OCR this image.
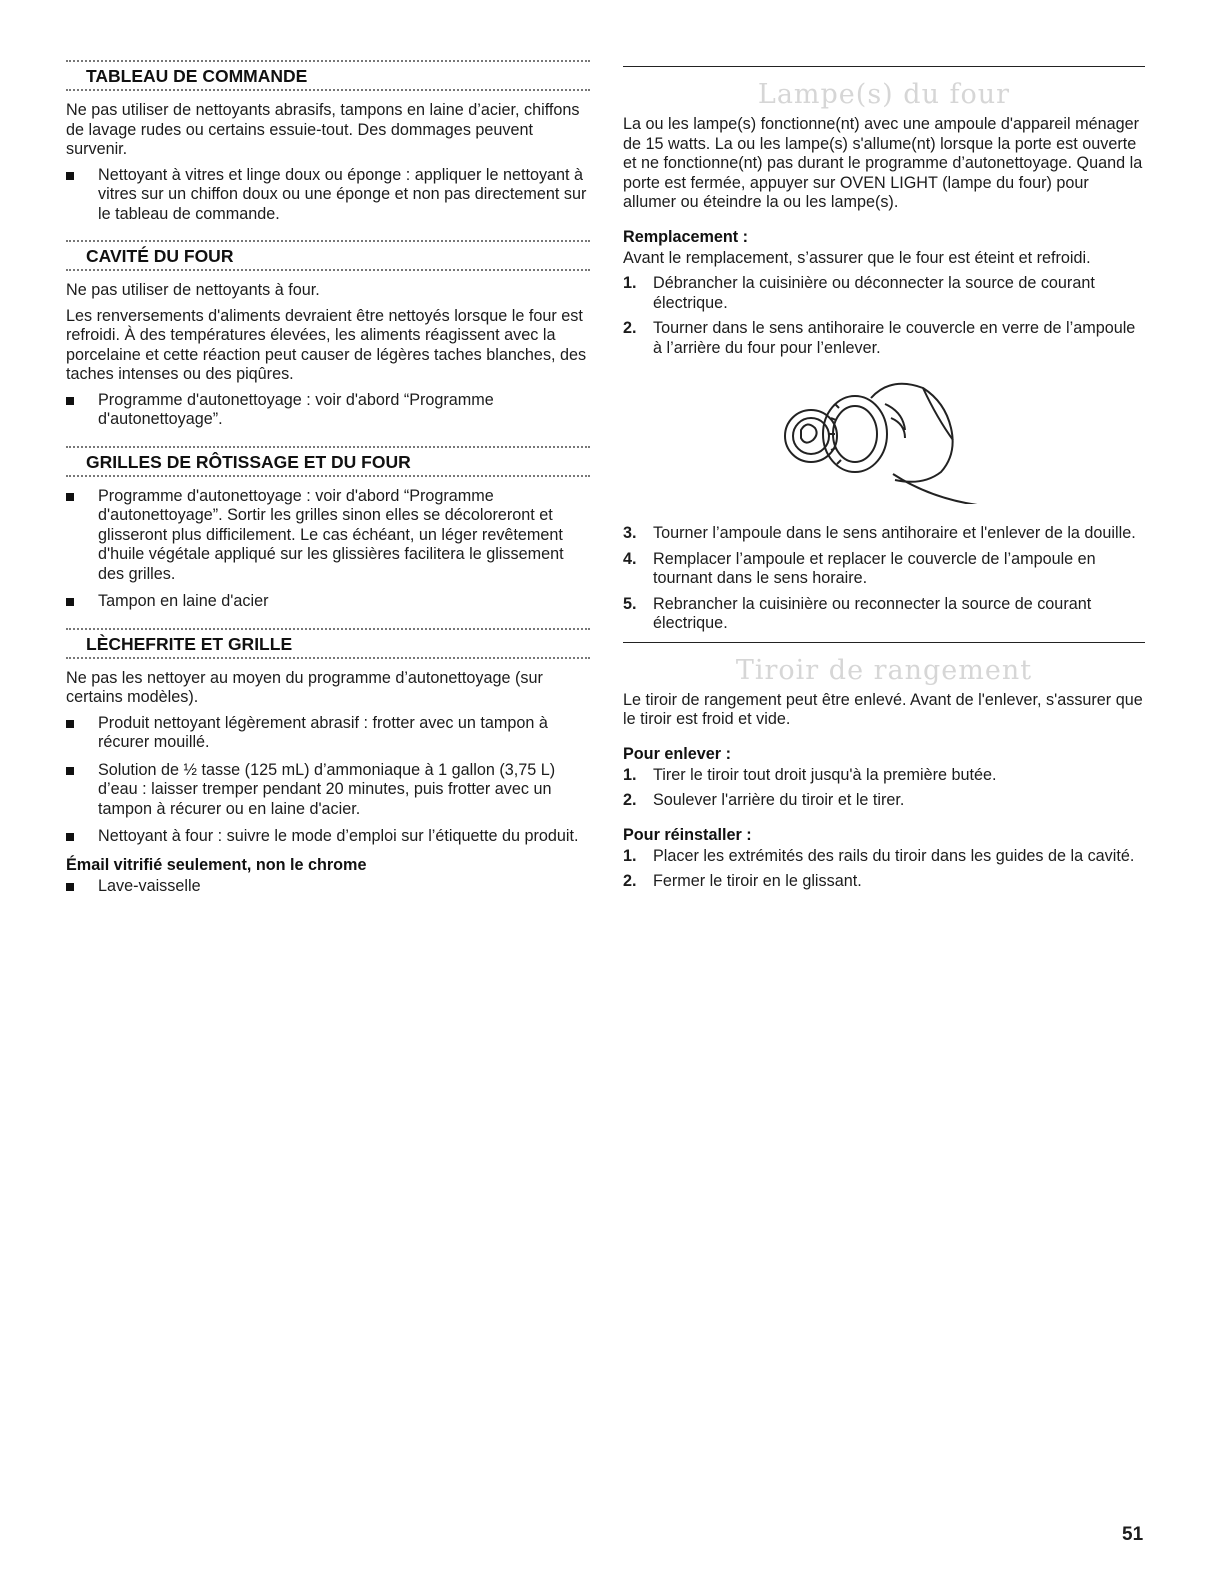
TABLEAU DE COMMANDE

Ne pas utiliser de nettoyants abrasifs, tampons en laine d’acier, chiffons de lavage rudes ou certains essuie-tout. Des dommages peuvent survenir.

Nettoyant à vitres et linge doux ou éponge : appliquer le nettoyant à vitres sur un chiffon doux ou une éponge et non pas directement sur le tableau de commande.
CAVITÉ DU FOUR

Ne pas utiliser de nettoyants à four.

Les renversements d'aliments devraient être nettoyés lorsque le four est refroidi. À des températures élevées, les aliments réagissent avec la porcelaine et cette réaction peut causer de légères taches blanches, des taches intenses ou des piqûres.

Programme d'autonettoyage : voir d'abord “Programme d'autonettoyage”.
GRILLES DE RÔTISSAGE ET DU FOUR
Programme d'autonettoyage : voir d'abord “Programme d'autonettoyage”. Sortir les grilles sinon elles se décoloreront et glisseront plus difficilement. Le cas échéant, un léger revêtement d'huile végétale appliqué sur les glissières facilitera le glissement des grilles.
Tampon en laine d'acier
LÈCHEFRITE ET GRILLE

Ne pas les nettoyer au moyen du programme d’autonettoyage (sur certains modèles).

Produit nettoyant légèrement abrasif : frotter avec un tampon à récurer mouillé.
Solution de ½ tasse (125 mL) d’ammoniaque à 1 gallon (3,75 L) d’eau : laisser tremper pendant 20 minutes, puis frotter avec un tampon à récurer ou en laine d'acier.
Nettoyant à four : suivre le mode d’emploi sur l’étiquette du produit.
Émail vitrifié seulement, non le chrome
Lave-vaisselle
Lampe(s) du four

La ou les lampe(s) fonctionne(nt) avec une ampoule d'appareil ménager de 15 watts. La ou les lampe(s) s'allume(nt) lorsque la porte est ouverte et ne fonctionne(nt) pas durant le programme d’autonettoyage. Quand la porte est fermée, appuyer sur OVEN LIGHT (lampe du four) pour allumer ou éteindre la ou les lampe(s).

Remplacement :

Avant le remplacement, s’assurer que le four est éteint et refroidi.

1. Débrancher la cuisinière ou déconnecter la source de courant électrique.
2. Tourner dans le sens antihoraire le couvercle en verre de l’ampoule à l’arrière du four pour l’enlever.
3. Tourner l’ampoule dans le sens antihoraire et l'enlever de la douille.
4. Remplacer l’ampoule et replacer le couvercle de l’ampoule en tournant dans le sens horaire.
5. Rebrancher la cuisinière ou reconnecter la source de courant électrique.
Tiroir de rangement

Le tiroir de rangement peut être enlevé. Avant de l'enlever, s'assurer que le tiroir est froid et vide.

Pour enlever :
1. Tirer le tiroir tout droit jusqu'à la première butée.
2. Soulever l'arrière du tiroir et le tirer.
Pour réinstaller :
1. Placer les extrémités des rails du tiroir dans les guides de la cavité.
2. Fermer le tiroir en le glissant.
51
